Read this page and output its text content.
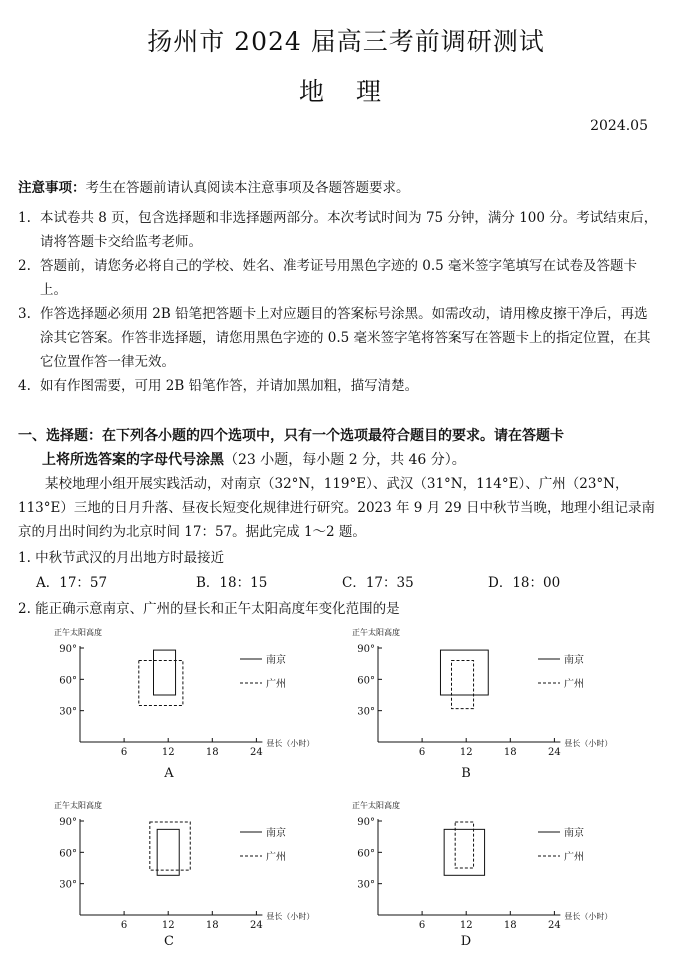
扬州市 2024 届高三考前调研测试
地 理
2024.05
注意事项：考生在答题前请认真阅读本注意事项及各题答题要求。
1. 本试卷共 8 页，包含选择题和非选择题两部分。本次考试时间为 75 分钟，满分 100 分。考试结束后，请将答题卡交给监考老师。
2. 答题前，请您务必将自己的学校、姓名、准考证号用黑色字迹的 0.5 毫米签字笔填写在试卷及答题卡上。
3. 作答选择题必须用 2B 铅笔把答题卡上对应题目的答案标号涂黑。如需改动，请用橡皮擦干净后，再选涂其它答案。作答非选择题，请您用黑色字迹的 0.5 毫米签字笔将答案写在答题卡上的指定位置，在其它位置作答一律无效。
4. 如有作图需要，可用 2B 铅笔作答，并请加黑加粗，描写清楚。
一、选择题：在下列各小题的四个选项中，只有一个选项最符合题目的要求。请在答题卡
上将所选答案的字母代号涂黑（23 小题，每小题 2 分，共 46 分）。

某校地理小组开展实践活动，对南京（32°N，119°E）、武汉（31°N，114°E）、广州（23°N，113°E）三地的日月升落、昼夜长短变化规律进行研究。2023 年 9 月 29 日中秋节当晚，地理小组记录南京的月出时间约为北京时间 17：57。据此完成 1～2 题。

1. 中秋节武汉的月出地方时最接近
A．17：57	B．18：15	C．17：35	D．18：00
2. 能正确示意南京、广州的昼长和正午太阳高度年变化范围的是
正午太阳高度
90°
60°
30°
6	12	18	24
昼长（小时）
南京
广州
正午太阳高度
90°
60°
30°
6	12	18	24
昼长（小时）
南京
广州
正午太阳高度
90°
60°
30°
6	12	18	24
昼长（小时）
南京
广州
正午太阳高度
90°
60°
30°
6	12	18	24
昼长（小时）
南京
广州
A	B
C	D
